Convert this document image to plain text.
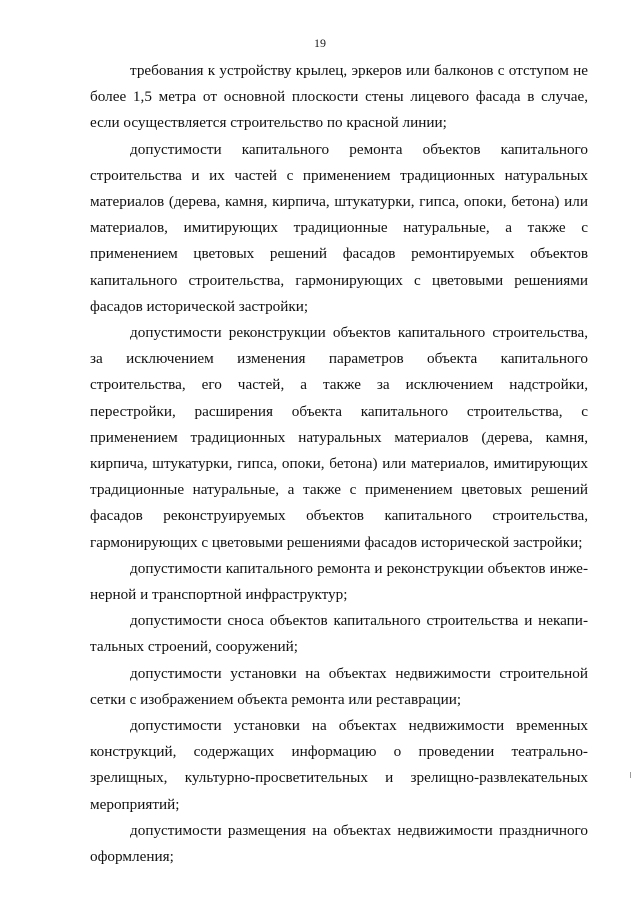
19

требования к устройству крылец, эркеров или балконов с отступом не более 1,5 метра от основной плоскости стены лицевого фасада в случае, если осуществляется строительство по красной линии;

допустимости капитального ремонта объектов капитального строительства и их частей с применением традиционных натуральных материалов (дерева, камня, кирпича, штукатурки, гипса, опоки, бетона) или материалов, имитирующих традиционные натуральные, а также с применением цветовых решений фасадов ремонтируемых объектов капитального строительства, гармонирующих с цветовыми решениями фасадов исторической застройки;

допустимости реконструкции объектов капитального строительства, за исключением изменения параметров объекта капитального строительства, его частей, а также за исключением надстройки, перестройки, расширения объекта капитального строительства, с применением традиционных натуральных материалов (дерева, камня, кирпича, штукатурки, гипса, опоки, бетона) или материалов, имитирующих традиционные натуральные, а также с применением цветовых решений фасадов реконструируемых объектов капитального строительства, гармонирующих с цветовыми решениями фасадов исторической застройки;

допустимости капитального ремонта и реконструкции объектов инженерной и транспортной инфраструктур;

допустимости сноса объектов капитального строительства и некапитальных строений, сооружений;

допустимости установки на объектах недвижимости строительной сетки с изображением объекта ремонта или реставрации;

допустимости установки на объектах недвижимости временных конструкций, содержащих информацию о проведении театрально-зрелищных, культурно-просветительных и зрелищно-развлекательных мероприятий;

допустимости размещения на объектах недвижимости праздничного оформления;
